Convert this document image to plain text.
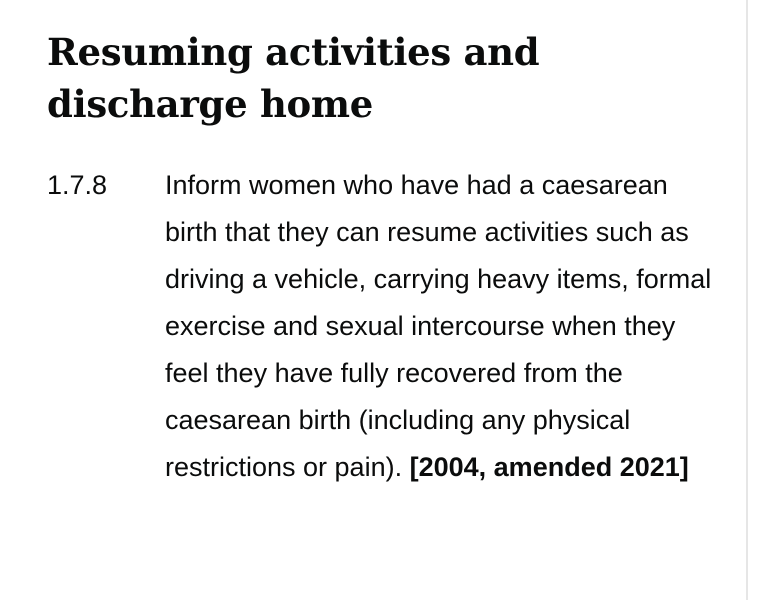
Resuming activities and discharge home
1.7.8	Inform women who have had a caesarean birth that they can resume activities such as driving a vehicle, carrying heavy items, formal exercise and sexual intercourse when they feel they have fully recovered from the caesarean birth (including any physical restrictions or pain). [2004, amended 2021]
